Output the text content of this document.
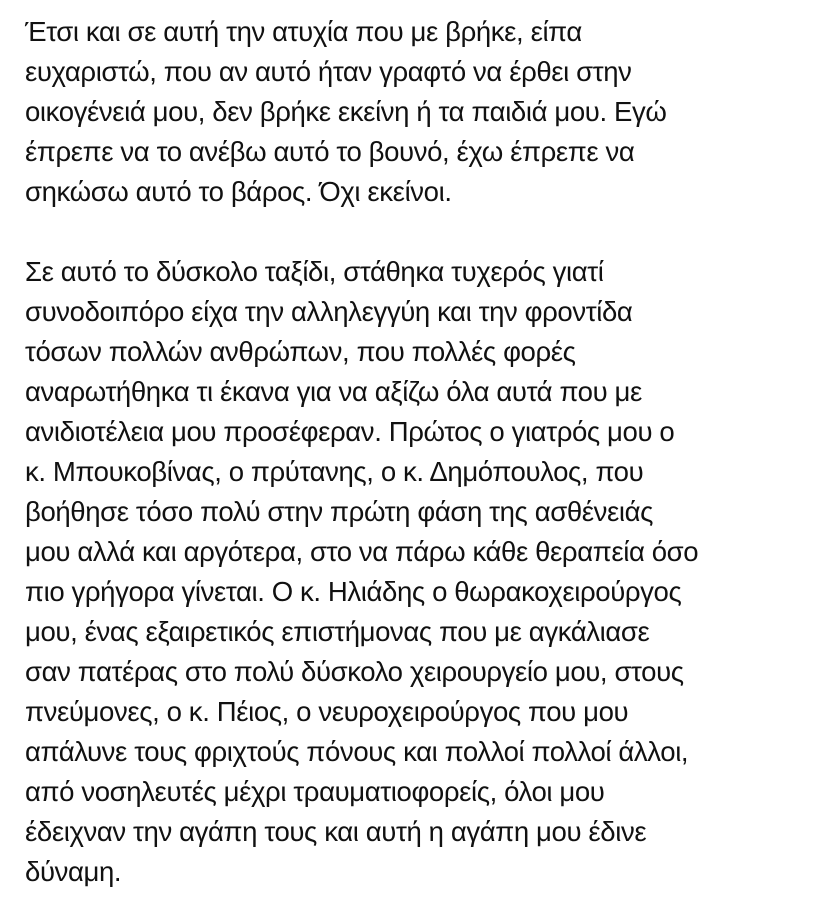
Έτσι και σε αυτή την ατυχία που με βρήκε, είπα
ευχαριστώ, που αν αυτό ήταν γραφτό να έρθει στην
οικογένειά μου, δεν βρήκε εκείνη ή τα παιδιά μου. Εγώ
έπρεπε να το ανέβω αυτό το βουνό, έχω έπρεπε να
σηκώσω αυτό το βάρος. Όχι εκείνοι.

Σε αυτό το δύσκολο ταξίδι, στάθηκα τυχερός γιατί
συνοδοιπόρο είχα την αλληλεγγύη και την φροντίδα
τόσων πολλών ανθρώπων, που πολλές φορές
αναρωτήθηκα τι έκανα για να αξίζω όλα αυτά που με
ανιδιοτέλεια μου προσέφεραν. Πρώτος ο γιατρός μου ο
κ. Μπουκοβίνας, ο πρύτανης, ο κ. Δημόπουλος, που
βοήθησε τόσο πολύ στην πρώτη φάση της ασθένειάς
μου αλλά και αργότερα, στο να πάρω κάθε θεραπεία όσο
πιο γρήγορα γίνεται. Ο κ. Ηλιάδης ο θωρακοχειρούργος
μου, ένας εξαιρετικός επιστήμονας που με αγκάλιασε
σαν πατέρας στο πολύ δύσκολο χειρουργείο μου, στους
πνεύμονες, ο κ. Πέιος, ο νευροχειρούργος που μου
απάλυνε τους φριχτούς πόνους και πολλοί πολλοί άλλοι,
από νοσηλευτές μέχρι τραυματιοφορείς, όλοι μου
έδειχναν την αγάπη τους και αυτή η αγάπη μου έδινε
δύναμη.
